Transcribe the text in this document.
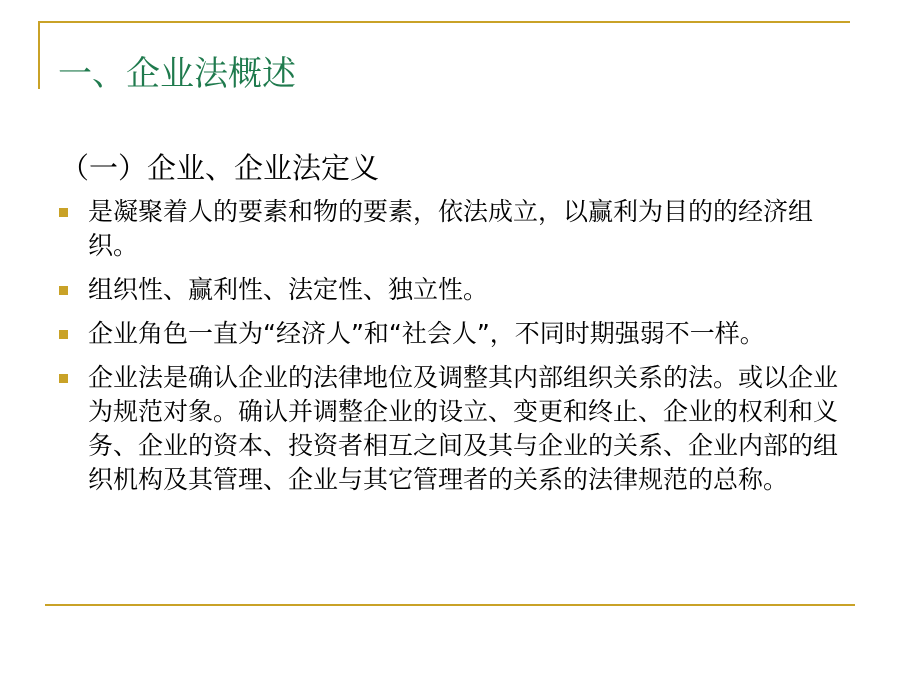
一、企业法概述
（一）企业、企业法定义
是凝聚着人的要素和物的要素，依法成立，以赢利为目的的经济组织。
组织性、赢利性、法定性、独立性。
企业角色一直为“经济人”和“社会人”，不同时期强弱不一样。
企业法是确认企业的法律地位及调整其内部组织关系的法。或以企业为规范对象。确认并调整企业的设立、变更和终止、企业的权利和义务、企业的资本、投资者相互之间及其与企业的关系、企业内部的组织机构及其管理、企业与其它管理者的关系的法律规范的总称。
